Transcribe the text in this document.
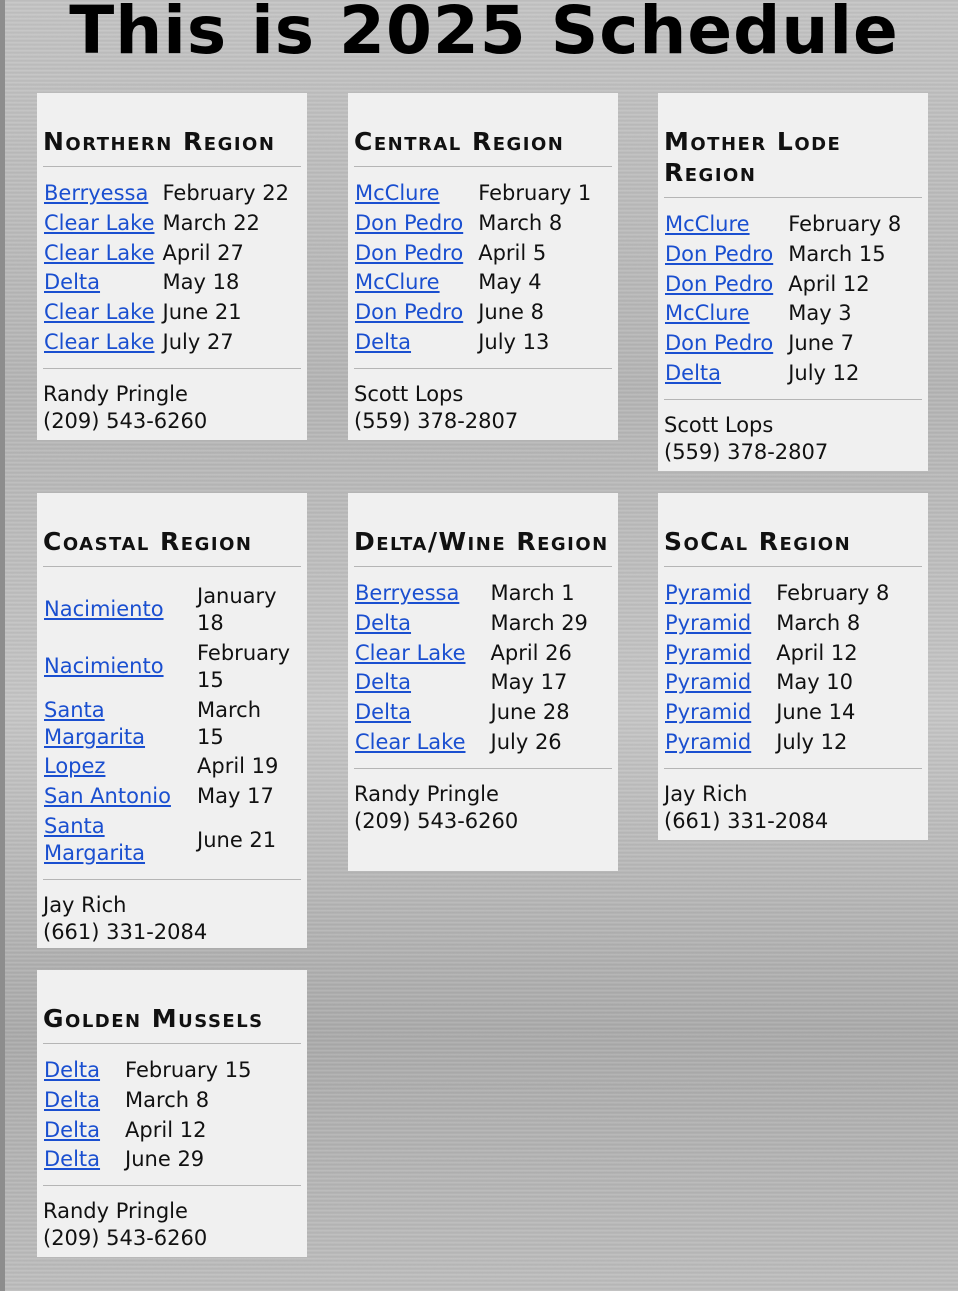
This is 2025 Schedule
Northern Region
Berryessa	February 22
Clear Lake	March 22
Clear Lake	April 27
Delta	May 18
Clear Lake	June 21
Clear Lake	July 27
Randy Pringle
(209) 543-6260
Central Region
McClure	February 1
Don Pedro	March 8
Don Pedro	April 5
McClure	May 4
Don Pedro	June 8
Delta	July 13
Scott Lops
(559) 378-2807
Mother Lode Region
McClure	February 8
Don Pedro	March 15
Don Pedro	April 12
McClure	May 3
Don Pedro	June 7
Delta	July 12
Scott Lops
(559) 378-2807
Coastal Region
Nacimiento	January 18
Nacimiento	February 15
Santa Margarita	March 15
Lopez	April 19
San Antonio	May 17
Santa Margarita	June 21
Jay Rich
(661) 331-2084
Delta/Wine Region
Berryessa	March 1
Delta	March 29
Clear Lake	April 26
Delta	May 17
Delta	June 28
Clear Lake	July 26
Randy Pringle
(209) 543-6260
SoCal Region
Pyramid	February 8
Pyramid	March 8
Pyramid	April 12
Pyramid	May 10
Pyramid	June 14
Pyramid	July 12
Jay Rich
(661) 331-2084
Golden Mussels
Delta	February 15
Delta	March 8
Delta	April 12
Delta	June 29
Randy Pringle
(209) 543-6260
